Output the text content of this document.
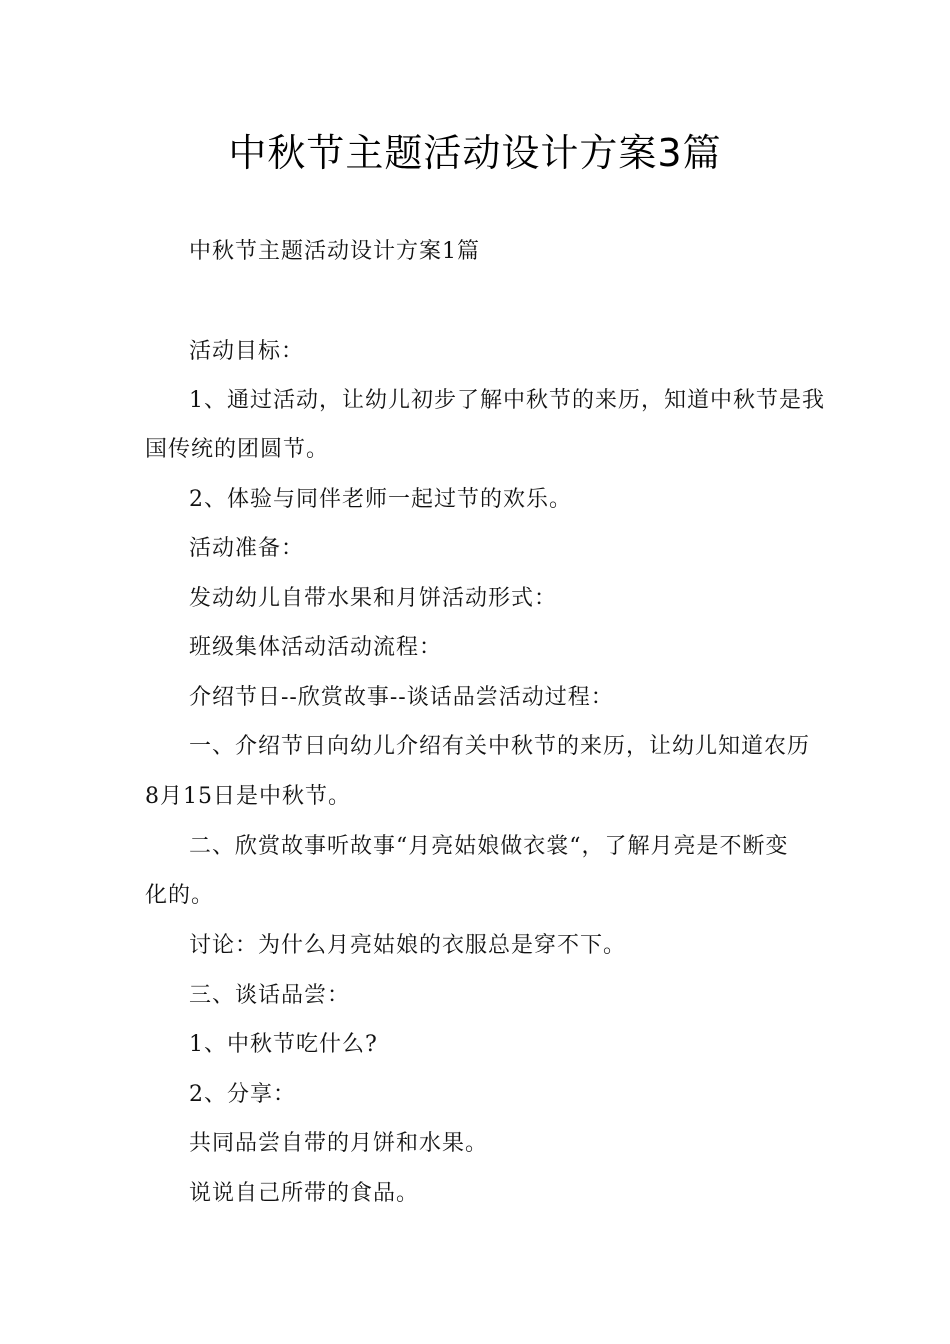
中秋节主题活动设计方案3篇
中秋节主题活动设计方案1篇
活动目标：
1、通过活动，让幼儿初步了解中秋节的来历，知道中秋节是我
国传统的团圆节。
2、体验与同伴老师一起过节的欢乐。
活动准备：
发动幼儿自带水果和月饼活动形式：
班级集体活动活动流程：
介绍节日--欣赏故事--谈话品尝活动过程：
一、介绍节日向幼儿介绍有关中秋节的来历，让幼儿知道农历
8月15日是中秋节。
二、欣赏故事听故事“月亮姑娘做衣裳“，了解月亮是不断变
化的。
讨论：为什么月亮姑娘的衣服总是穿不下。
三、谈话品尝：
1、中秋节吃什么?
2、分享：
共同品尝自带的月饼和水果。
说说自己所带的食品。
